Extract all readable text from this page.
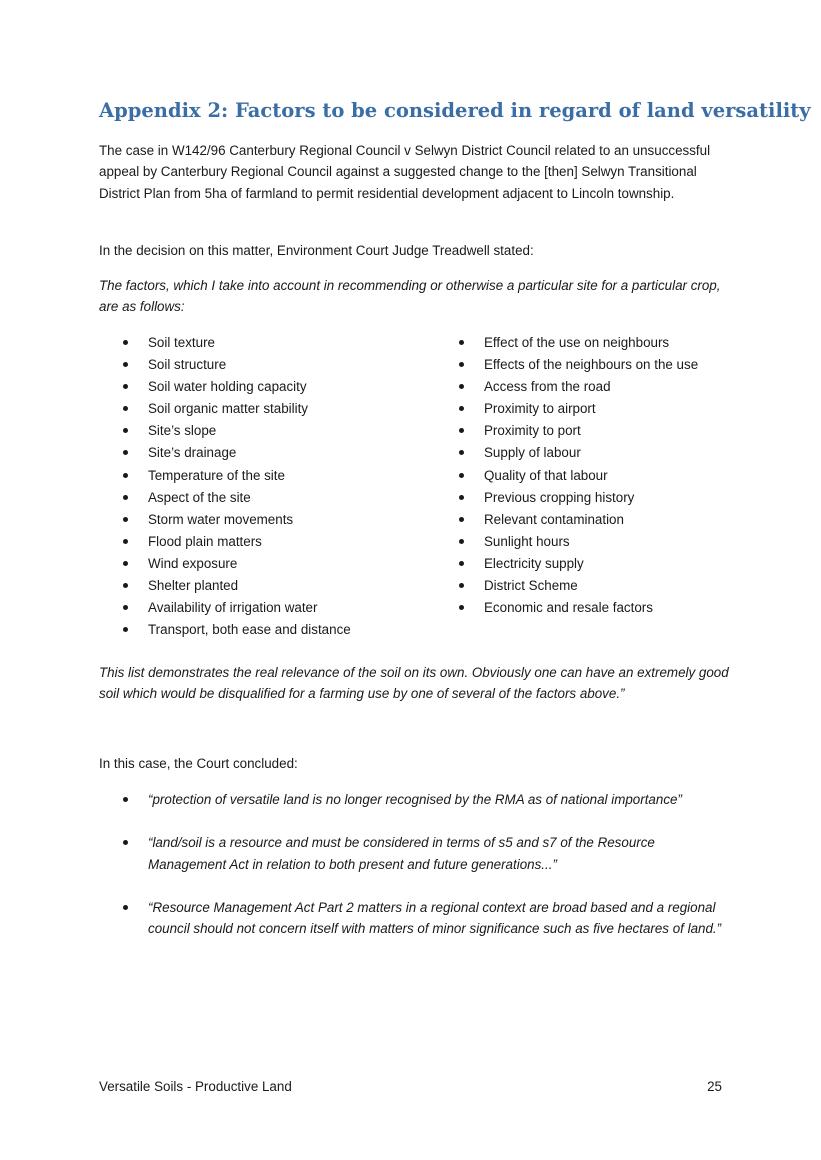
Appendix 2: Factors to be considered in regard of land versatility

The case in W142/96 Canterbury Regional Council v Selwyn District Council related to an unsuccessful appeal by Canterbury Regional Council against a suggested change to the [then] Selwyn Transitional District Plan from 5ha of farmland to permit residential development adjacent to Lincoln township.

In the decision on this matter, Environment Court Judge Treadwell stated:

The factors, which I take into account in recommending or otherwise a particular site for a particular crop, are as follows:

Soil texture
Soil structure
Soil water holding capacity
Soil organic matter stability
Site’s slope
Site’s drainage
Temperature of the site
Aspect of the site
Storm water movements
Flood plain matters
Wind exposure
Shelter planted
Availability of irrigation water
Transport, both ease and distance
Effect of the use on neighbours
Effects of the neighbours on the use
Access from the road
Proximity to airport
Proximity to port
Supply of labour
Quality of that labour
Previous cropping history
Relevant contamination
Sunlight hours
Electricity supply
District Scheme
Economic and resale factors

This list demonstrates the real relevance of the soil on its own. Obviously one can have an extremely good soil which would be disqualified for a farming use by one of several of the factors above.”

In this case, the Court concluded:

“protection of versatile land is no longer recognised by the RMA as of national importance”
“land/soil is a resource and must be considered in terms of s5 and s7 of the Resource Management Act in relation to both present and future generations...”
“Resource Management Act Part 2 matters in a regional context are broad based and a regional council should not concern itself with matters of minor significance such as five hectares of land.”
Versatile Soils - Productive Land	25
